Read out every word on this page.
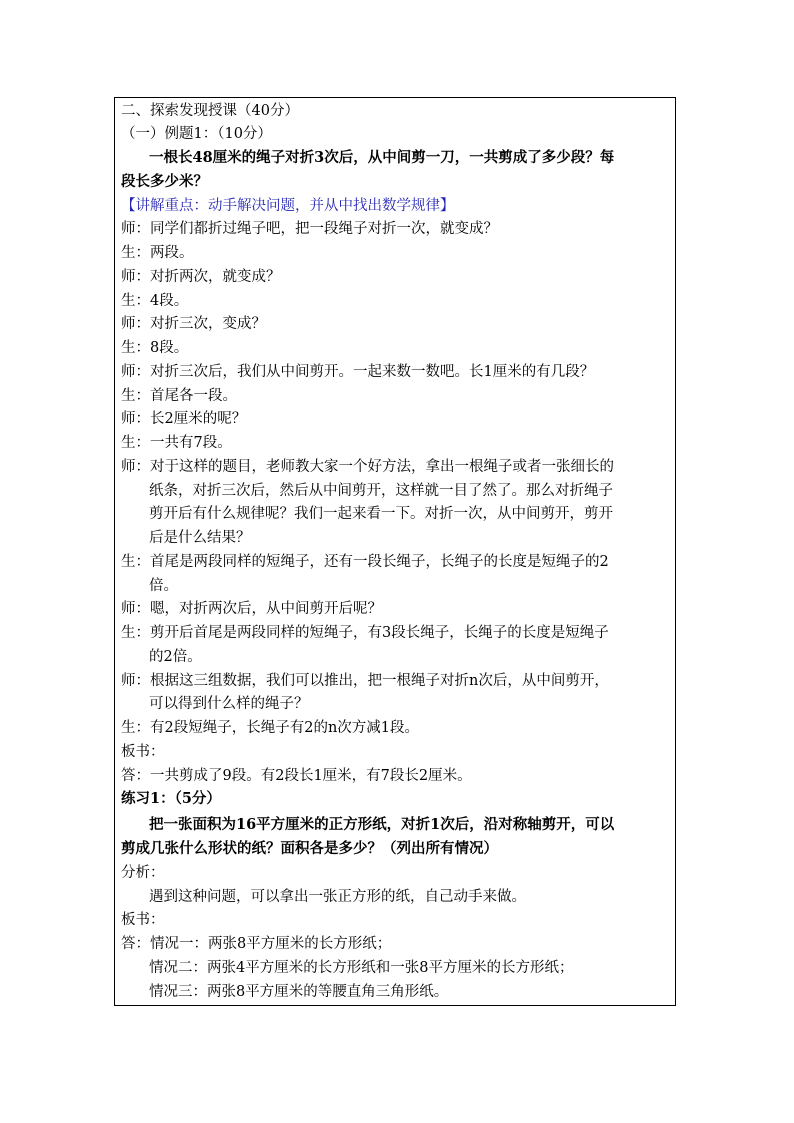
二、探索发现授课（40分）
（一）例题1：（10分）
一根长48厘米的绳子对折3次后，从中间剪一刀，一共剪成了多少段？每
段长多少米？
【讲解重点：动手解决问题，并从中找出数学规律】
师：同学们都折过绳子吧，把一段绳子对折一次，就变成？
生：两段。
师：对折两次，就变成？
生：4段。
师：对折三次，变成？
生：8段。
师：对折三次后，我们从中间剪开。一起来数一数吧。长1厘米的有几段？
生：首尾各一段。
师：长2厘米的呢？
生：一共有7段。
师：对于这样的题目，老师教大家一个好方法，拿出一根绳子或者一张细长的
纸条，对折三次后，然后从中间剪开，这样就一目了然了。那么对折绳子
剪开后有什么规律呢？我们一起来看一下。对折一次，从中间剪开，剪开
后是什么结果？
生：首尾是两段同样的短绳子，还有一段长绳子，长绳子的长度是短绳子的2
倍。
师：嗯，对折两次后，从中间剪开后呢？
生：剪开后首尾是两段同样的短绳子，有3段长绳子，长绳子的长度是短绳子
的2倍。
师：根据这三组数据，我们可以推出，把一根绳子对折n次后，从中间剪开，
可以得到什么样的绳子？
生：有2段短绳子，长绳子有2的n次方减1段。
板书：
答：一共剪成了9段。有2段长1厘米，有7段长2厘米。
练习1：（5分）
把一张面积为16平方厘米的正方形纸，对折1次后，沿对称轴剪开，可以
剪成几张什么形状的纸？面积各是多少？（列出所有情况）
分析：
遇到这种问题，可以拿出一张正方形的纸，自己动手来做。
板书：
答：情况一：两张8平方厘米的长方形纸；
情况二：两张4平方厘米的长方形纸和一张8平方厘米的长方形纸；
情况三：两张8平方厘米的等腰直角三角形纸。
